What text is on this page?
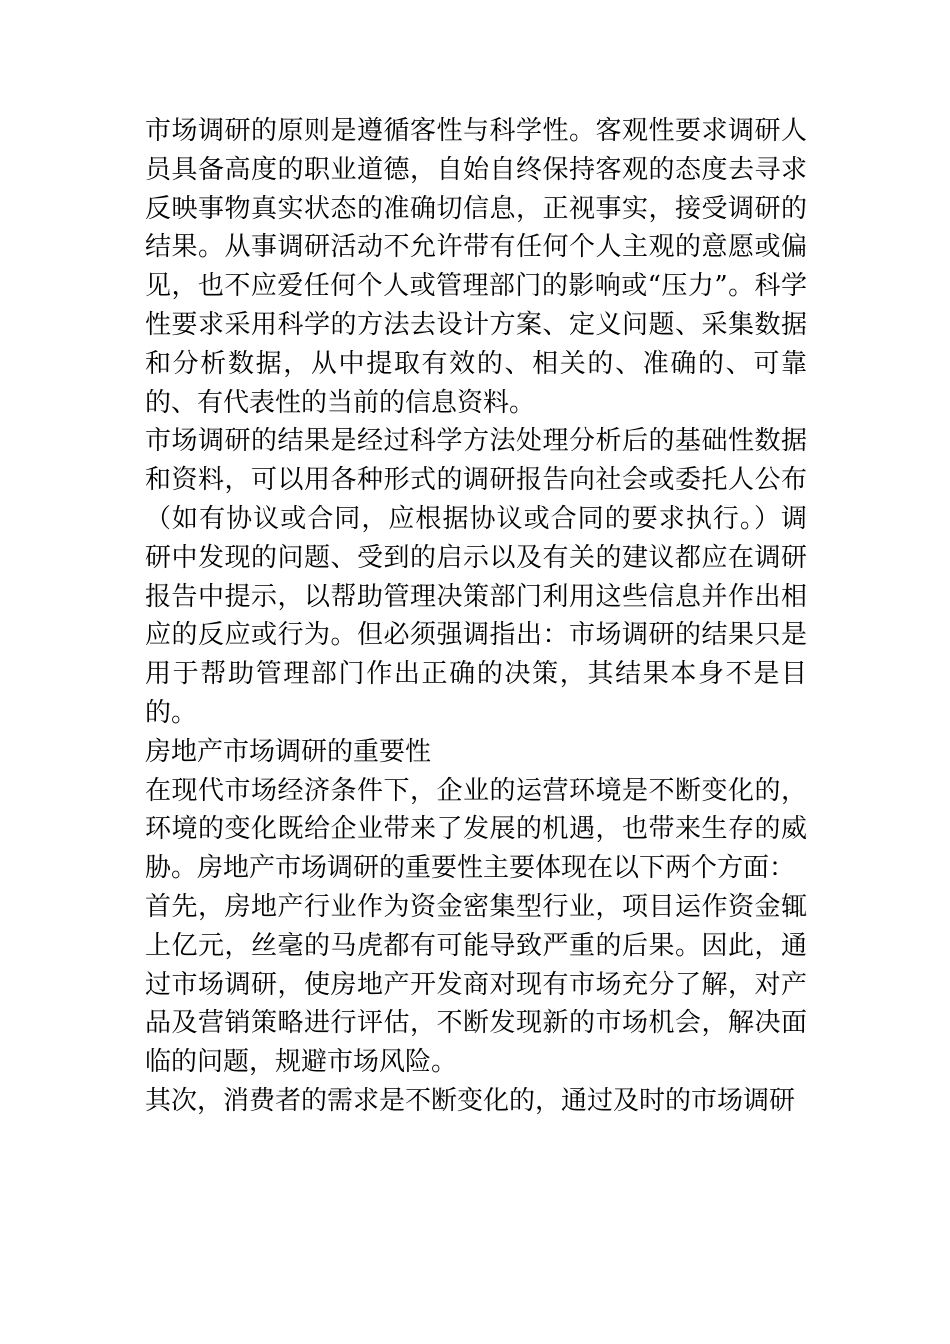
市场调研的原则是遵循客性与科学性。客观性要求调研人员具备高度的职业道德，自始自终保持客观的态度去寻求反映事物真实状态的准确切信息，正视事实，接受调研的结果。从事调研活动不允许带有任何个人主观的意愿或偏见，也不应爱任何个人或管理部门的影响或“压力”。科学性要求采用科学的方法去设计方案、定义问题、采集数据和分析数据，从中提取有效的、相关的、准确的、可靠的、有代表性的当前的信息资料。

市场调研的结果是经过科学方法处理分析后的基础性数据和资料，可以用各种形式的调研报告向社会或委托人公布（如有协议或合同，应根据协议或合同的要求执行。）调研中发现的问题、受到的启示以及有关的建议都应在调研报告中提示，以帮助管理决策部门利用这些信息并作出相应的反应或行为。但必须强调指出：市场调研的结果只是用于帮助管理部门作出正确的决策，其结果本身不是目的。

房地产市场调研的重要性

在现代市场经济条件下，企业的运营环境是不断变化的，环境的变化既给企业带来了发展的机遇，也带来生存的威胁。房地产市场调研的重要性主要体现在以下两个方面：

首先，房地产行业作为资金密集型行业，项目运作资金辄上亿元，丝毫的马虎都有可能导致严重的后果。因此，通过市场调研，使房地产开发商对现有市场充分了解，对产品及营销策略进行评估，不断发现新的市场机会，解决面临的问题，规避市场风险。

其次，消费者的需求是不断变化的，通过及时的市场调研
